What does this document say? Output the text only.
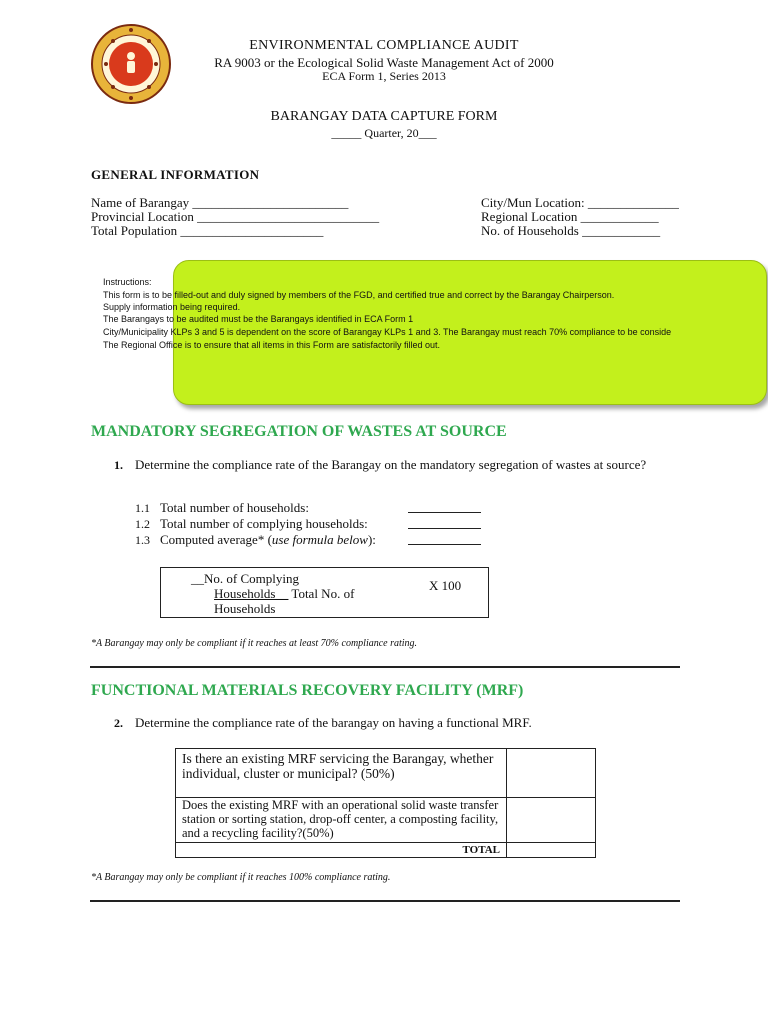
ENVIRONMENTAL COMPLIANCE AUDIT
RA 9003 or the Ecological Solid Waste Management Act of 2000
ECA Form 1, Series 2013
BARANGAY DATA CAPTURE FORM
_____ Quarter, 20___
GENERAL INFORMATION
Name of Barangay ________________________
Provincial Location ____________________________
Total Population ______________________
City/Mun Location: ______________
Regional Location ____________
No. of Households ____________
Instructions:
This form is to be filled-out and duly signed by members of the FGD, and certified true and correct by the Barangay Chairperson.
Supply information being required.
The Barangays to be audited must be the Barangays identified in ECA Form 1
City/Municipality KLPs 3 and 5 is dependent on the score of Barangay KLPs 1 and 3. The Barangay must reach 70% compliance to be conside
The Regional Office is to ensure that all items in this Form are satisfactorily filled out.
MANDATORY SEGREGATION OF WASTES AT SOURCE
1. Determine the compliance rate of the Barangay on the mandatory segregation of wastes at source?
1.1 Total number of households:
1.2 Total number of complying households:
1.3 Computed average* (use formula below):
__No. of Complying
Households__ Total No. of
Households
X 100
*A Barangay may only be compliant if it reaches at least 70% compliance rating.
FUNCTIONAL MATERIALS RECOVERY FACILITY (MRF)
2. Determine the compliance rate of the barangay on having a functional MRF.
Is there an existing MRF servicing the Barangay, whether individual, cluster or municipal? (50%)	
Does the existing MRF with an operational solid waste transfer station or sorting station, drop-off center, a composting facility, and a recycling facility?(50%)	
TOTAL	
*A Barangay may only be compliant if it reaches 100% compliance rating.
